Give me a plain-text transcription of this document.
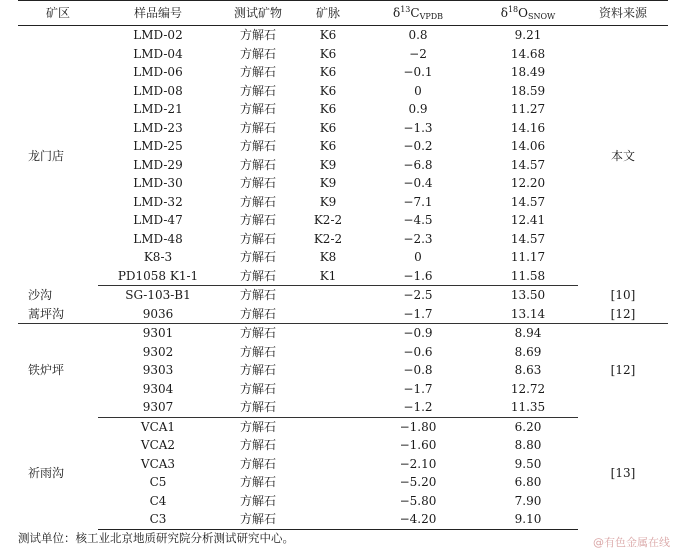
矿区	样品编号	测试矿物	矿脉	$\delta^{13}C_{VPDB}$	$\delta^{18}O_{SNOW}$	资料来源
龙门店	LMD-02	方解石	K6	0.8	9.21	本文
	LMD-04	方解石	K6	−2	14.68	
	LMD-06	方解石	K6	−0.1	18.49	
	LMD-08	方解石	K6	0	18.59	
	LMD-21	方解石	K6	0.9	11.27	
	LMD-23	方解石	K6	−1.3	14.16	
	LMD-25	方解石	K6	−0.2	14.06	
	LMD-29	方解石	K9	−6.8	14.57	
	LMD-30	方解石	K9	−0.4	12.20	
	LMD-32	方解石	K9	−7.1	14.57	
	LMD-47	方解石	K2-2	−4.5	12.41	
	LMD-48	方解石	K2-2	−2.3	14.57	
	K8-3	方解石	K8	0	11.17	
	PD1058 K1-1	方解石	K1	−1.6	11.58	
沙沟	SG-103-B1	方解石		−2.5	13.50	[10]
蒿坪沟	9036	方解石		−1.7	13.14	[12]
铁炉坪	9301	方解石		−0.9	8.94	[12]
	9302	方解石		−0.6	8.69	
	9303	方解石		−0.8	8.63	
	9304	方解石		−1.7	12.72	
	9307	方解石		−1.2	11.35	
祈雨沟	VCA1	方解石		−1.80	6.20	[13]
	VCA2	方解石		−1.60	8.80	
	VCA3	方解石		−2.10	9.50	
	C5	方解石		−5.20	6.80	
	C4	方解石		−5.80	7.90	
	C3	方解石		−4.20	9.10	
测试单位：核工业北京地质研究院分析测试研究中心。	@有色金属在线
